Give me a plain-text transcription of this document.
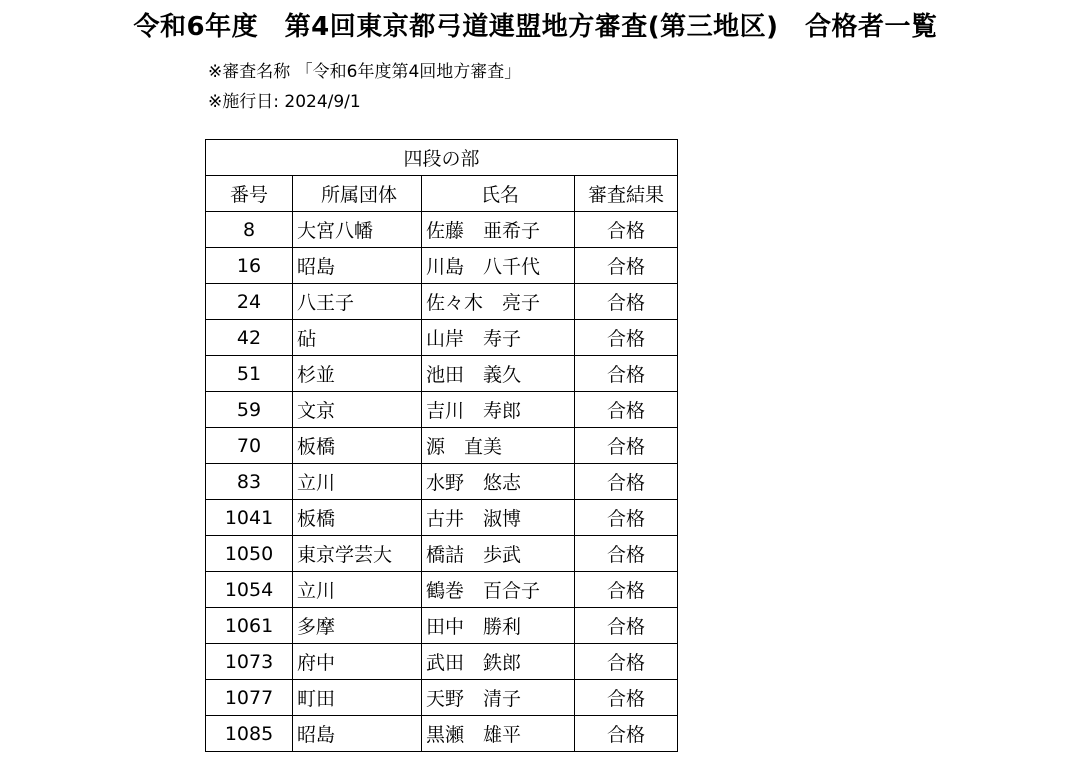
令和6年度　第4回東京都弓道連盟地方審査(第三地区)　合格者一覧
※審査名称 「令和6年度第4回地方審査」
※施行日: 2024/9/1
四段の部			
番号	所属団体	氏名	審査結果
8	大宮八幡	佐藤　亜希子	合格
16	昭島	川島　八千代	合格
24	八王子	佐々木　亮子	合格
42	砧	山岸　寿子	合格
51	杉並	池田　義久	合格
59	文京	吉川　寿郎	合格
70	板橋	源　直美	合格
83	立川	水野　悠志	合格
1041	板橋	古井　淑博	合格
1050	東京学芸大	橋詰　歩武	合格
1054	立川	鶴巻　百合子	合格
1061	多摩	田中　勝利	合格
1073	府中	武田　鉄郎	合格
1077	町田	天野　清子	合格
1085	昭島	黒瀬　雄平	合格
